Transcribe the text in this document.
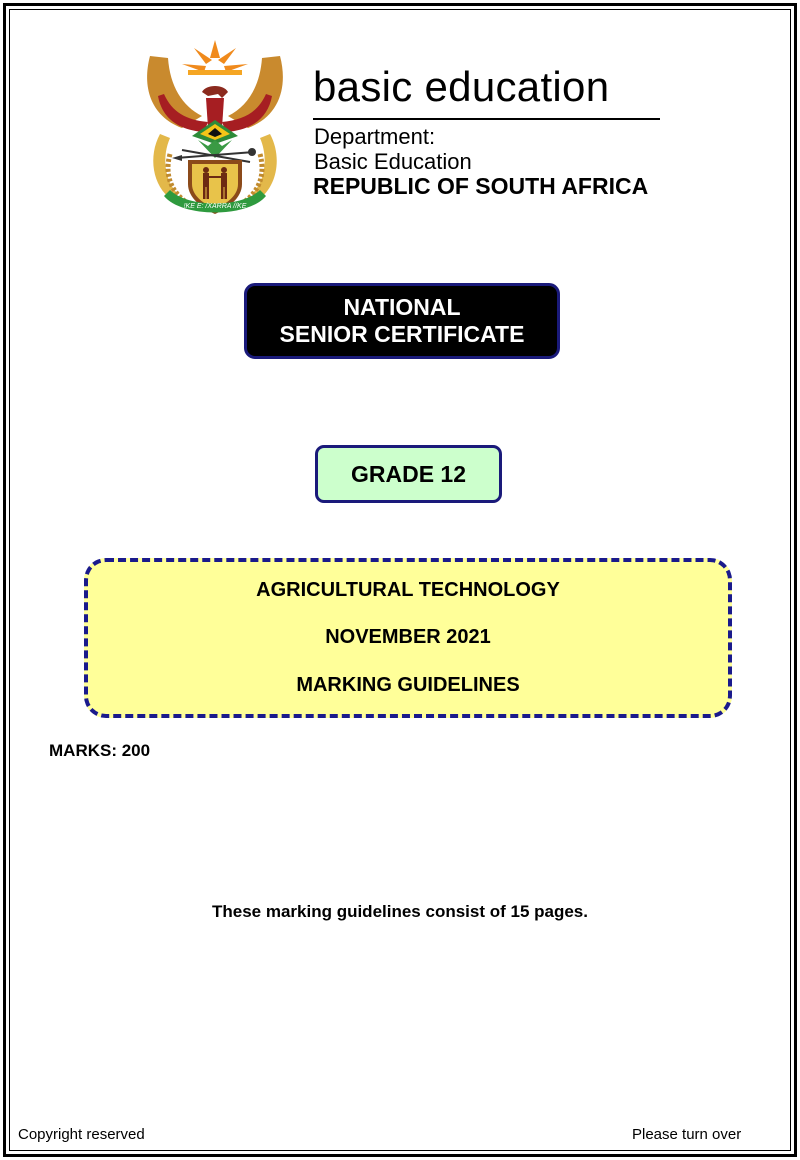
!KE E: /XARRA //KE
basic education
Department:
Basic Education
REPUBLIC OF SOUTH AFRICA
NATIONAL
SENIOR CERTIFICATE
GRADE 12
AGRICULTURAL TECHNOLOGY
NOVEMBER 2021
MARKING GUIDELINES
MARKS: 200
These marking guidelines consist of 15 pages.
Copyright reserved	Please turn over
